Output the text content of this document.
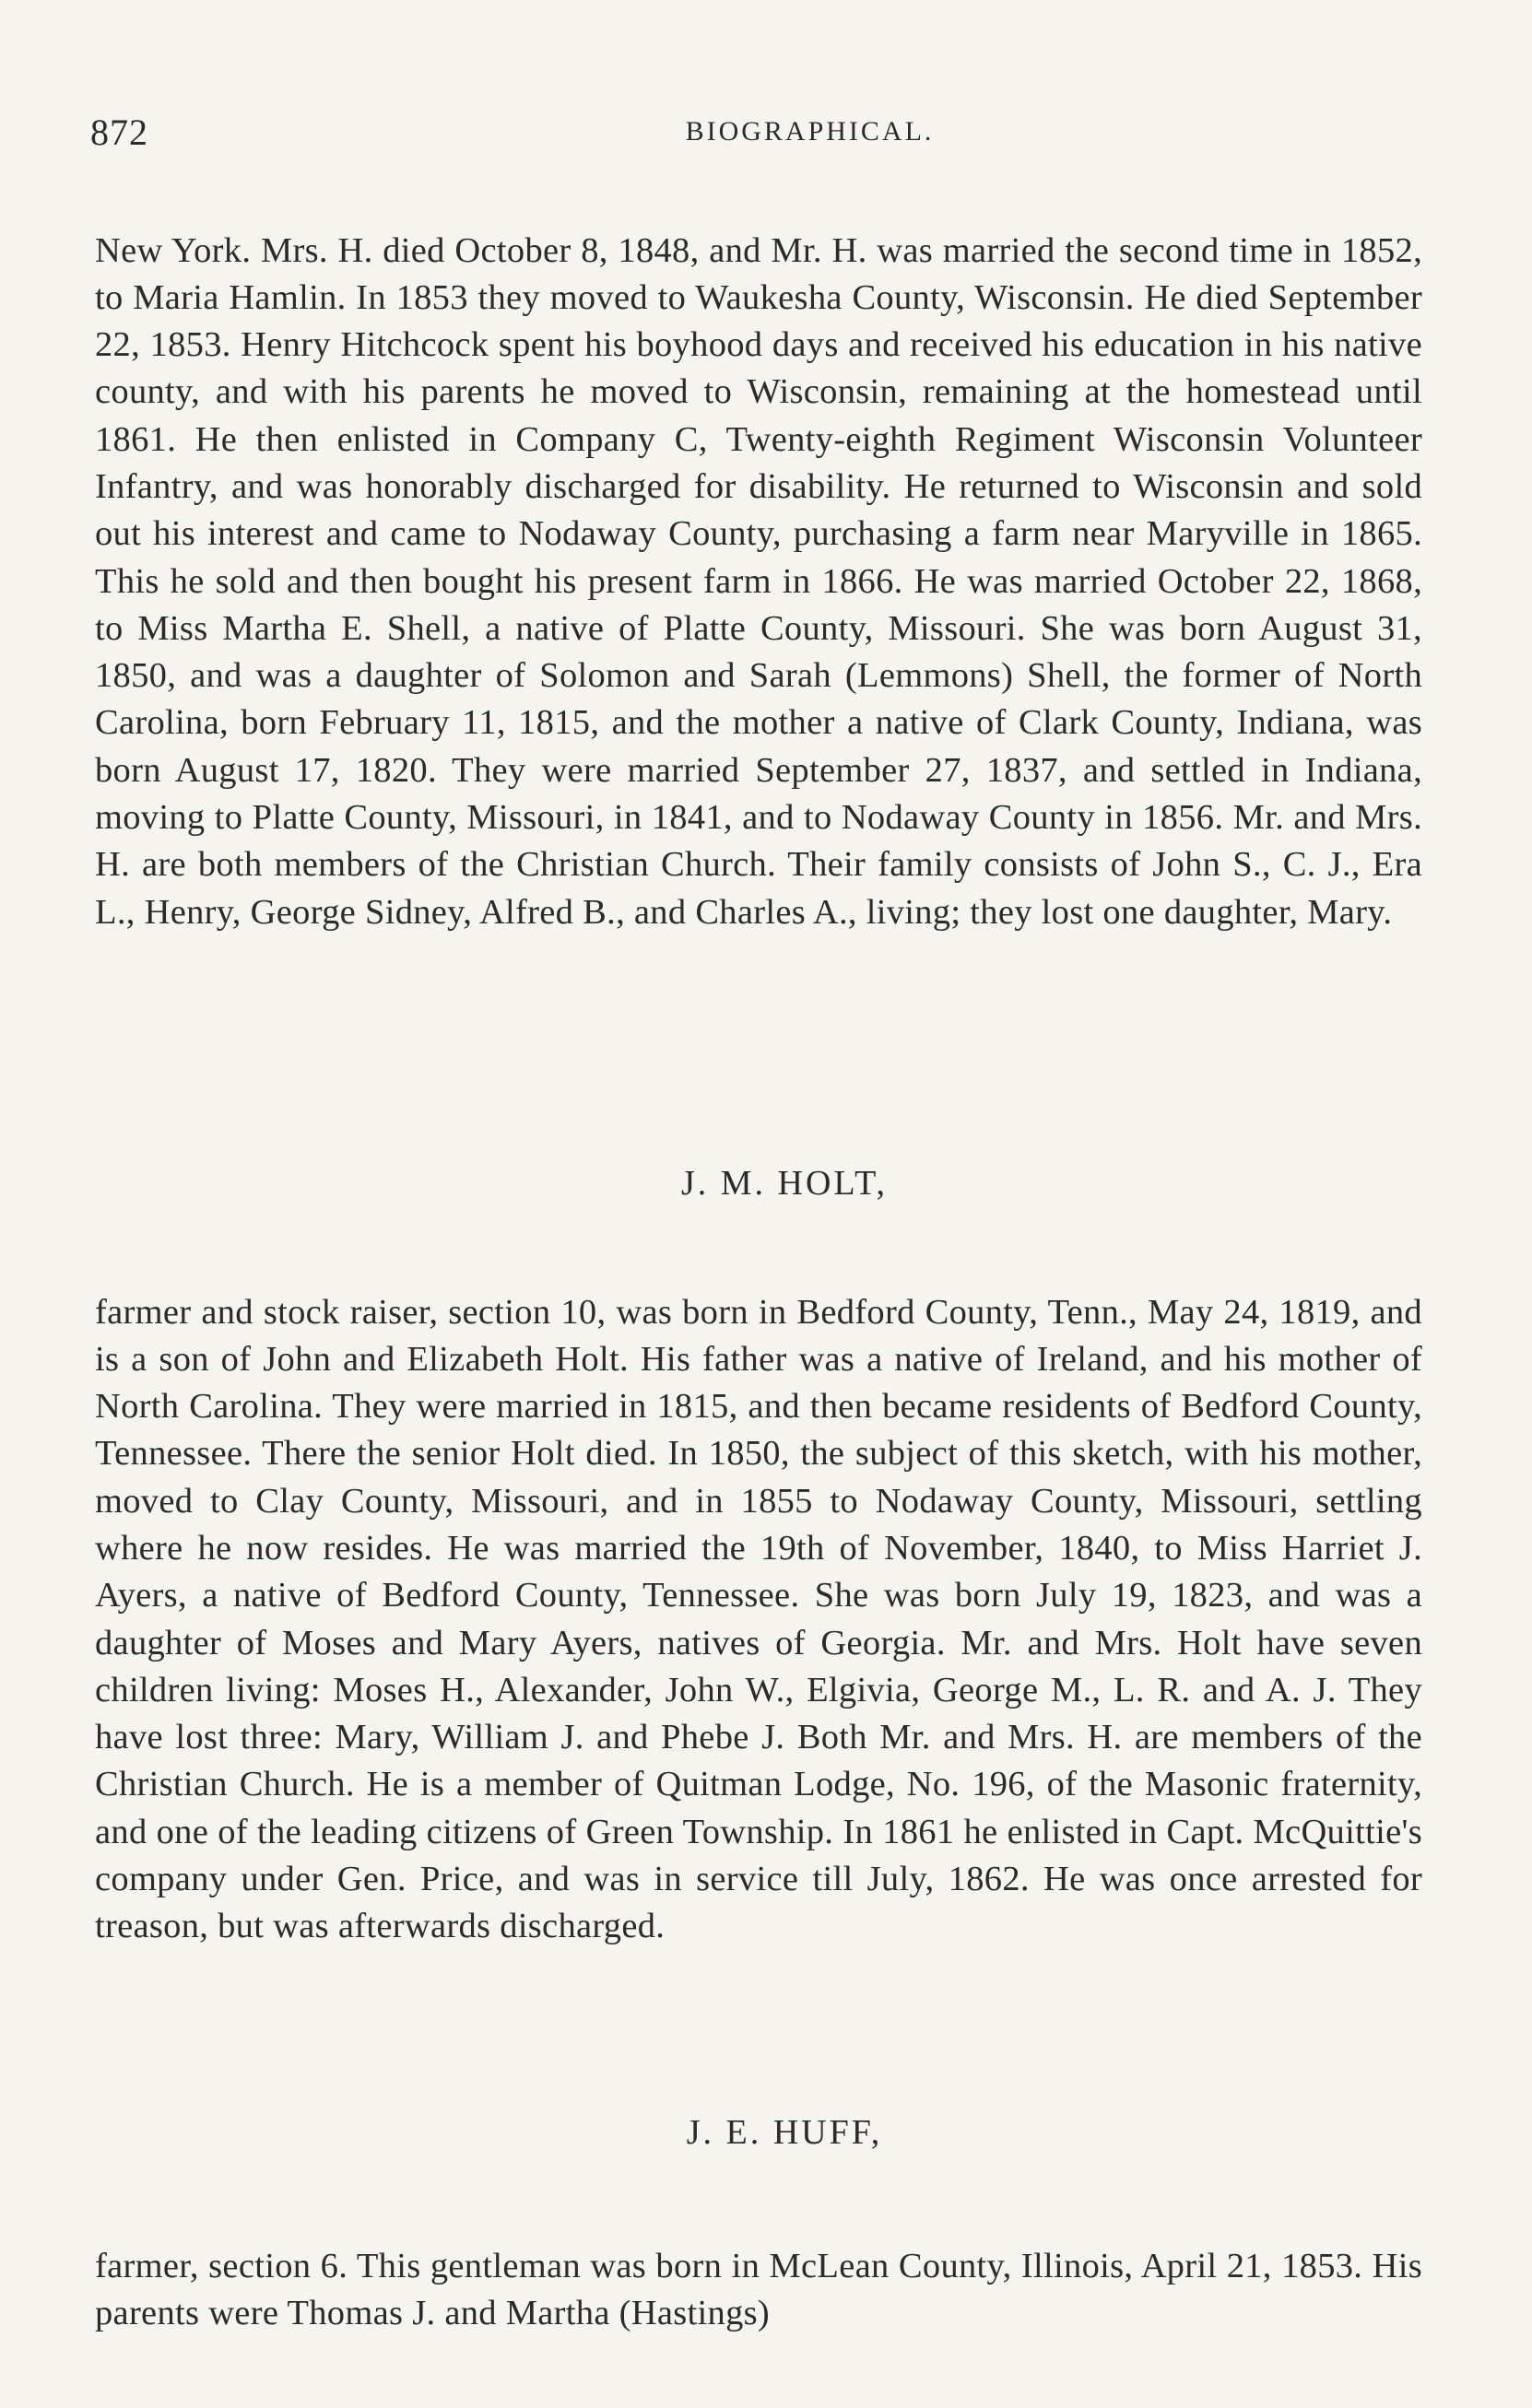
872	BIOGRAPHICAL.

New York. Mrs. H. died October 8, 1848, and Mr. H. was married the second time in 1852, to Maria Hamlin. In 1853 they moved to Waukesha County, Wisconsin. He died September 22, 1853. Henry Hitchcock spent his boyhood days and received his education in his native county, and with his parents he moved to Wisconsin, remaining at the homestead until 1861. He then enlisted in Company C, Twenty-eighth Regiment Wisconsin Volunteer Infantry, and was honorably discharged for disability. He returned to Wisconsin and sold out his interest and came to Nodaway County, purchasing a farm near Maryville in 1865. This he sold and then bought his present farm in 1866. He was married October 22, 1868, to Miss Martha E. Shell, a native of Platte County, Missouri. She was born August 31, 1850, and was a daughter of Solomon and Sarah (Lemmons) Shell, the former of North Carolina, born February 11, 1815, and the mother a native of Clark County, Indiana, was born August 17, 1820. They were married September 27, 1837, and settled in Indiana, moving to Platte County, Missouri, in 1841, and to Nodaway County in 1856. Mr. and Mrs. H. are both members of the Christian Church. Their family consists of John S., C. J., Era L., Henry, George Sidney, Alfred B., and Charles A., living; they lost one daughter, Mary.

J. M. HOLT,

farmer and stock raiser, section 10, was born in Bedford County, Tenn., May 24, 1819, and is a son of John and Elizabeth Holt. His father was a native of Ireland, and his mother of North Carolina. They were married in 1815, and then became residents of Bedford County, Tennessee. There the senior Holt died. In 1850, the subject of this sketch, with his mother, moved to Clay County, Missouri, and in 1855 to Nodaway County, Missouri, settling where he now resides. He was married the 19th of November, 1840, to Miss Harriet J. Ayers, a native of Bedford County, Tennessee. She was born July 19, 1823, and was a daughter of Moses and Mary Ayers, natives of Georgia. Mr. and Mrs. Holt have seven children living: Moses H., Alexander, John W., Elgivia, George M., L. R. and A. J. They have lost three: Mary, William J. and Phebe J. Both Mr. and Mrs. H. are members of the Christian Church. He is a member of Quitman Lodge, No. 196, of the Masonic fraternity, and one of the leading citizens of Green Township. In 1861 he enlisted in Capt. McQuittie's company under Gen. Price, and was in service till July, 1862. He was once arrested for treason, but was afterwards discharged.

J. E. HUFF,

farmer, section 6. This gentleman was born in McLean County, Illinois, April 21, 1853. His parents were Thomas J. and Martha (Hastings)
